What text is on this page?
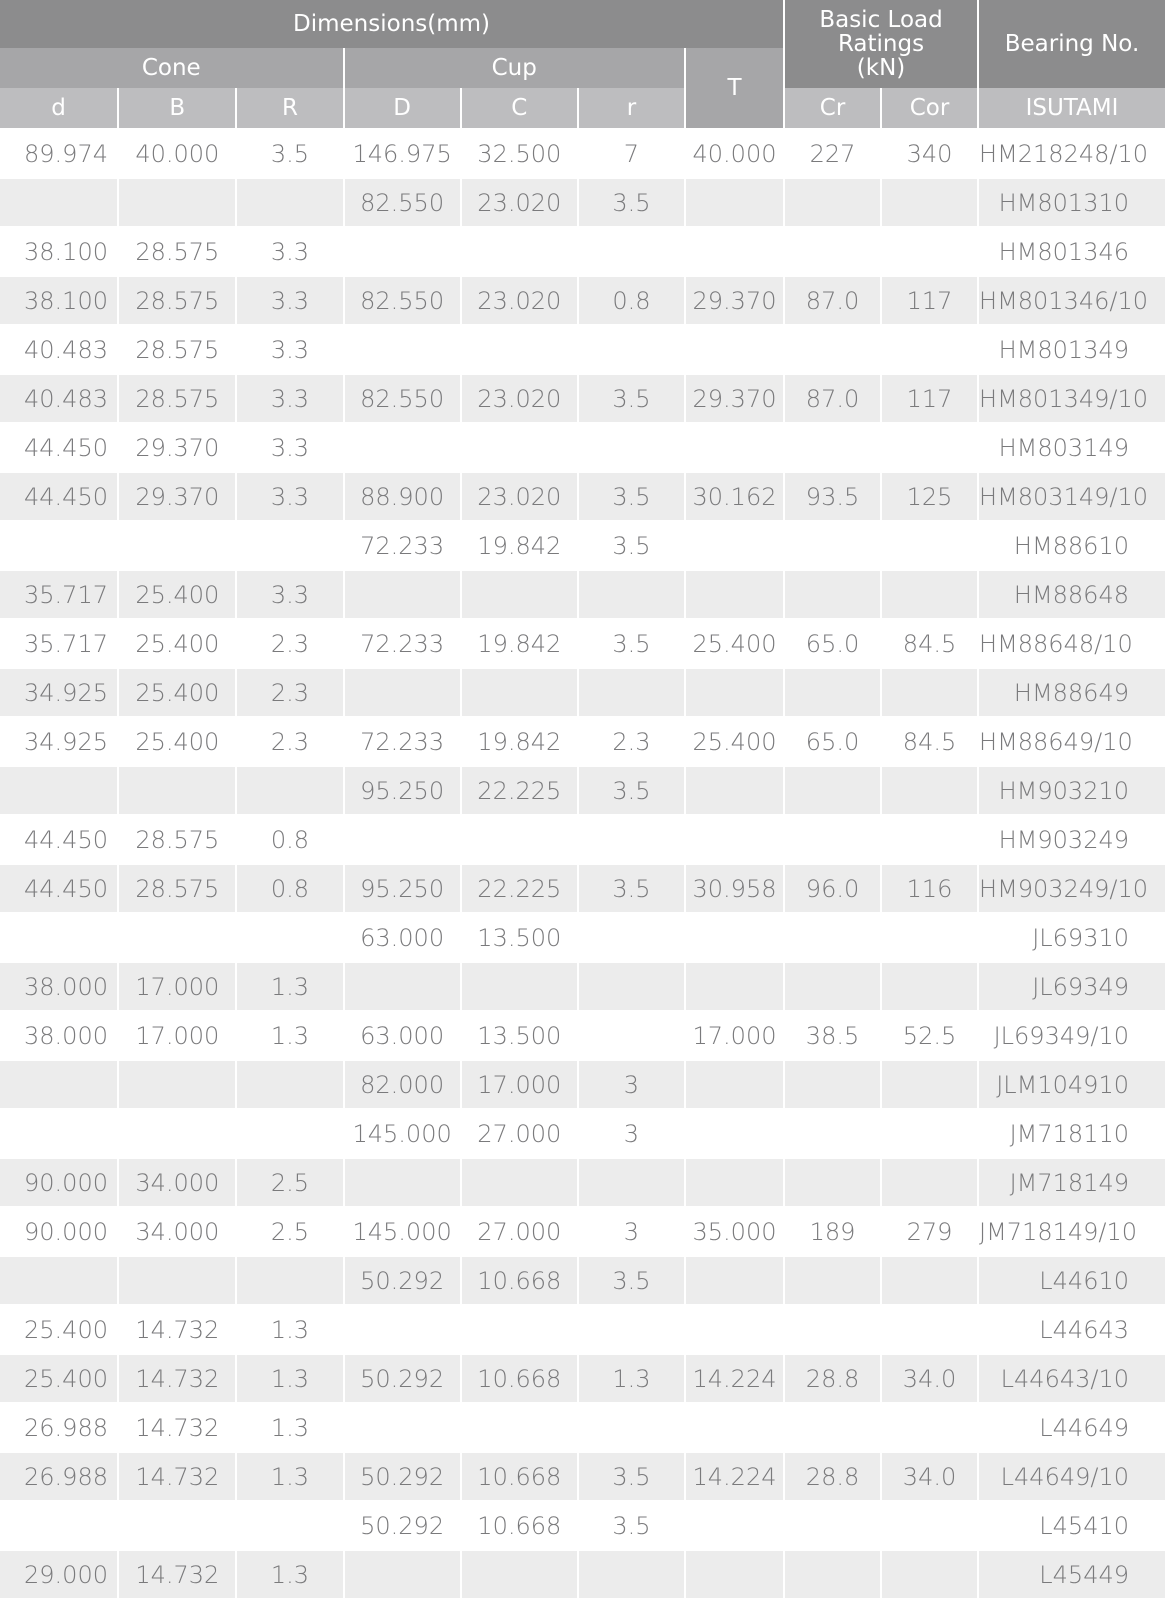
Dimensions(mm)							Basic Load Ratings
(kN)		Bearing No.
Cone			Cup			T			
d	B	R	D	C	r		Cr	Cor	ISUTAMI
89.974	40.000	3.5	146.975	32.500	7	40.000	227	340	HM218248/10
			82.550	23.020	3.5				HM801310
38.100	28.575	3.3							HM801346
38.100	28.575	3.3	82.550	23.020	0.8	29.370	87.0	117	HM801346/10
40.483	28.575	3.3							HM801349
40.483	28.575	3.3	82.550	23.020	3.5	29.370	87.0	117	HM801349/10
44.450	29.370	3.3							HM803149
44.450	29.370	3.3	88.900	23.020	3.5	30.162	93.5	125	HM803149/10
			72.233	19.842	3.5				HM88610
35.717	25.400	3.3							HM88648
35.717	25.400	2.3	72.233	19.842	3.5	25.400	65.0	84.5	HM88648/10
34.925	25.400	2.3							HM88649
34.925	25.400	2.3	72.233	19.842	2.3	25.400	65.0	84.5	HM88649/10
			95.250	22.225	3.5				HM903210
44.450	28.575	0.8							HM903249
44.450	28.575	0.8	95.250	22.225	3.5	30.958	96.0	116	HM903249/10
			63.000	13.500					JL69310
38.000	17.000	1.3							JL69349
38.000	17.000	1.3	63.000	13.500		17.000	38.5	52.5	JL69349/10
			82.000	17.000	3				JLM104910
			145.000	27.000	3				JM718110
90.000	34.000	2.5							JM718149
90.000	34.000	2.5	145.000	27.000	3	35.000	189	279	JM718149/10
			50.292	10.668	3.5				L44610
25.400	14.732	1.3							L44643
25.400	14.732	1.3	50.292	10.668	1.3	14.224	28.8	34.0	L44643/10
26.988	14.732	1.3							L44649
26.988	14.732	1.3	50.292	10.668	3.5	14.224	28.8	34.0	L44649/10
			50.292	10.668	3.5				L45410
29.000	14.732	1.3							L45449
